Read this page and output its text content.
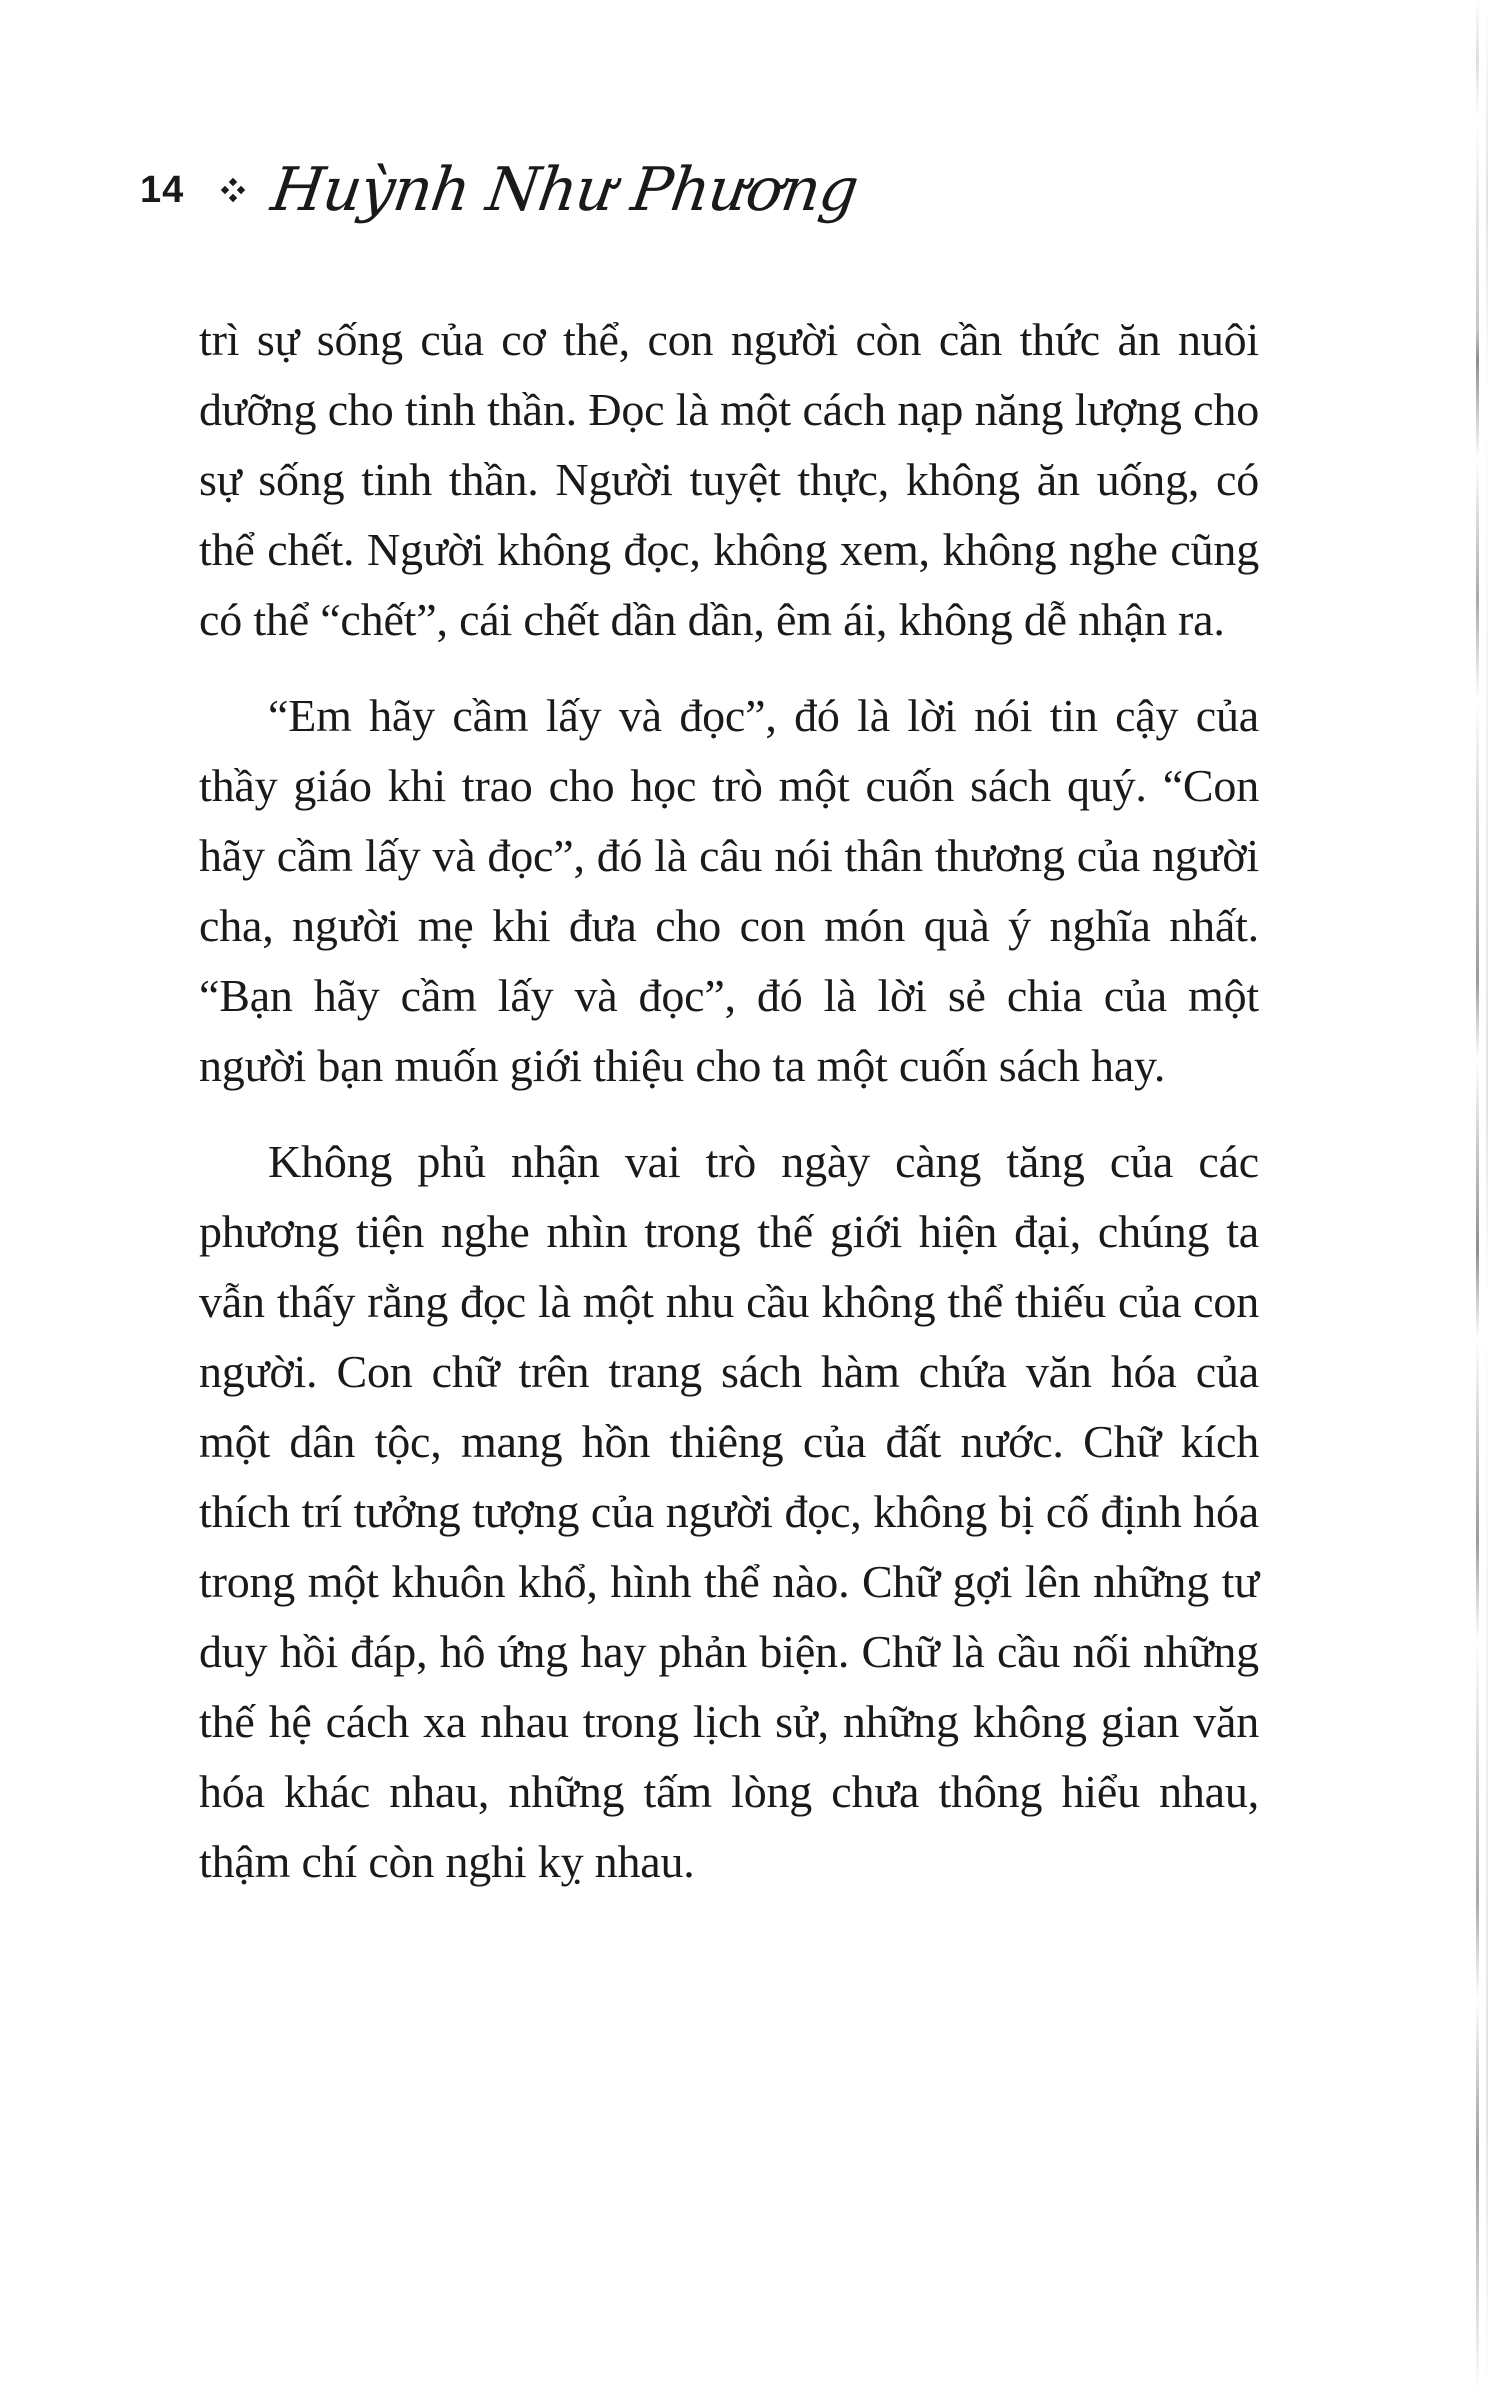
14 Huỳnh Như Phương

trì sự sống của cơ thể, con người còn cần thức ăn nuôi dưỡng cho tinh thần. Đọc là một cách nạp năng lượng cho sự sống tinh thần. Người tuyệt thực, không ăn uống, có thể chết. Người không đọc, không xem, không nghe cũng có thể “chết”, cái chết dần dần, êm ái, không dễ nhận ra.

“Em hãy cầm lấy và đọc”, đó là lời nói tin cậy của thầy giáo khi trao cho học trò một cuốn sách quý. “Con hãy cầm lấy và đọc”, đó là câu nói thân thương của người cha, người mẹ khi đưa cho con món quà ý nghĩa nhất. “Bạn hãy cầm lấy và đọc”, đó là lời sẻ chia của một người bạn muốn giới thiệu cho ta một cuốn sách hay.

Không phủ nhận vai trò ngày càng tăng của các phương tiện nghe nhìn trong thế giới hiện đại, chúng ta vẫn thấy rằng đọc là một nhu cầu không thể thiếu của con người. Con chữ trên trang sách hàm chứa văn hóa của một dân tộc, mang hồn thiêng của đất nước. Chữ kích thích trí tưởng tượng của người đọc, không bị cố định hóa trong một khuôn khổ, hình thể nào. Chữ gợi lên những tư duy hồi đáp, hô ứng hay phản biện. Chữ là cầu nối những thế hệ cách xa nhau trong lịch sử, những không gian văn hóa khác nhau, những tấm lòng chưa thông hiểu nhau, thậm chí còn nghi kỵ nhau.
